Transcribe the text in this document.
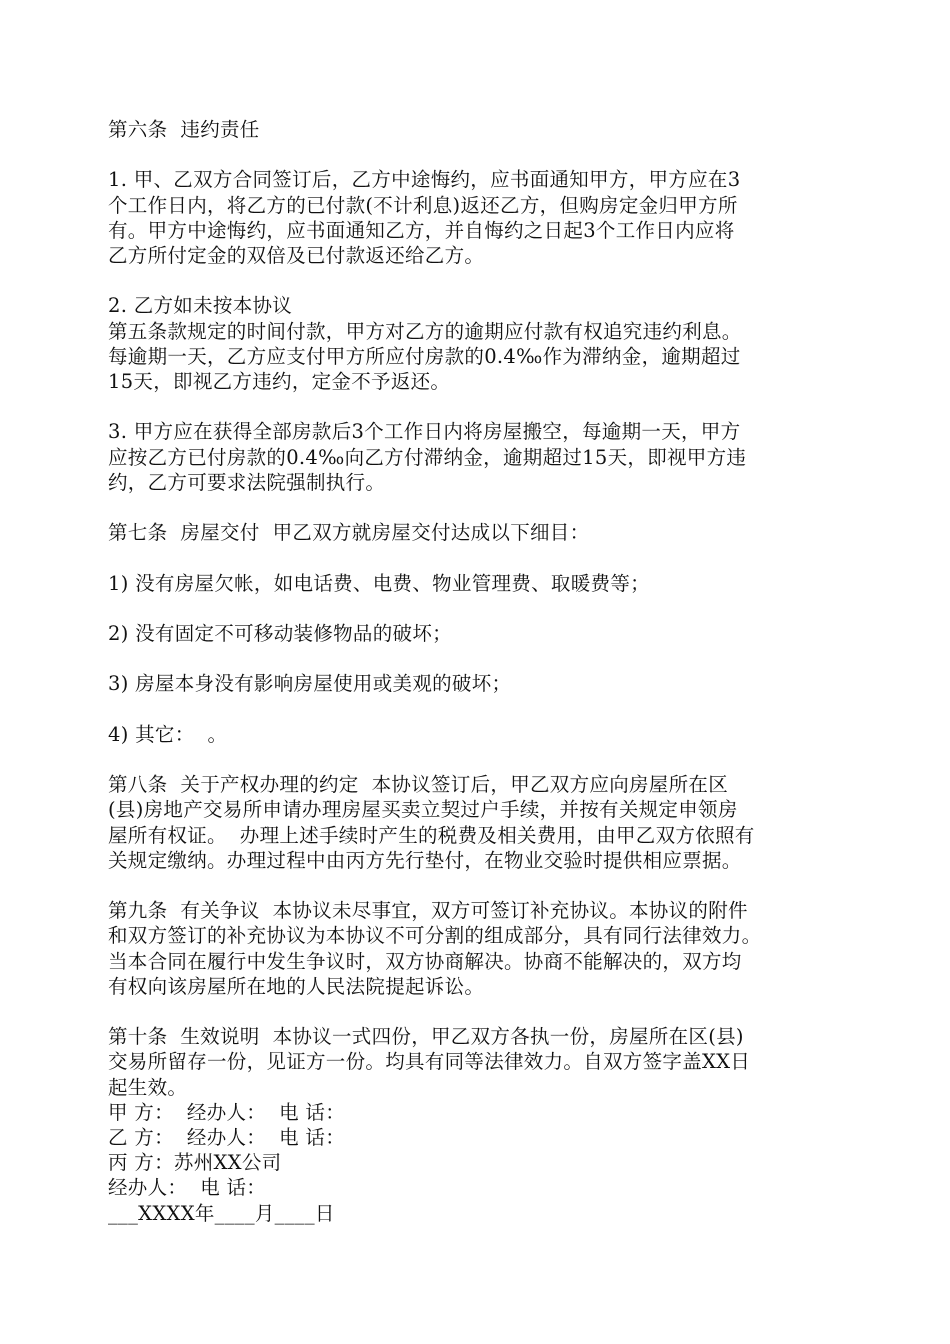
第六条  违约责任
1. 甲、乙双方合同签订后，乙方中途悔约，应书面通知甲方，甲方应在3
个工作日内，将乙方的已付款(不计利息)返还乙方，但购房定金归甲方所
有。甲方中途悔约，应书面通知乙方，并自悔约之日起3个工作日内应将
乙方所付定金的双倍及已付款返还给乙方。
2. 乙方如未按本协议
第五条款规定的时间付款，甲方对乙方的逾期应付款有权追究违约利息。
每逾期一天，乙方应支付甲方所应付房款的0.4‰作为滞纳金，逾期超过
15天，即视乙方违约，定金不予返还。
3. 甲方应在获得全部房款后3个工作日内将房屋搬空，每逾期一天，甲方
应按乙方已付房款的0.4‰向乙方付滞纳金，逾期超过15天，即视甲方违
约，乙方可要求法院强制执行。
第七条  房屋交付  甲乙双方就房屋交付达成以下细目：
1) 没有房屋欠帐，如电话费、电费、物业管理费、取暖费等；
2) 没有固定不可移动装修物品的破坏；
3) 房屋本身没有影响房屋使用或美观的破坏；
4) 其它：  。
第八条  关于产权办理的约定  本协议签订后，甲乙双方应向房屋所在区
(县)房地产交易所申请办理房屋买卖立契过户手续，并按有关规定申领房
屋所有权证。  办理上述手续时产生的税费及相关费用，由甲乙双方依照有
关规定缴纳。办理过程中由丙方先行垫付，在物业交验时提供相应票据。
第九条  有关争议  本协议未尽事宜，双方可签订补充协议。本协议的附件
和双方签订的补充协议为本协议不可分割的组成部分，具有同行法律效力。
当本合同在履行中发生争议时，双方协商解决。协商不能解决的，双方均
有权向该房屋所在地的人民法院提起诉讼。
第十条  生效说明  本协议一式四份，甲乙双方各执一份，房屋所在区(县)
交易所留存一份，见证方一份。均具有同等法律效力。自双方签字盖XX日
起生效。
甲 方：  经办人：  电 话：
乙 方：  经办人：  电 话：
丙 方：苏州XX公司
经办人：  电 话：
___XXXX年____月____日
